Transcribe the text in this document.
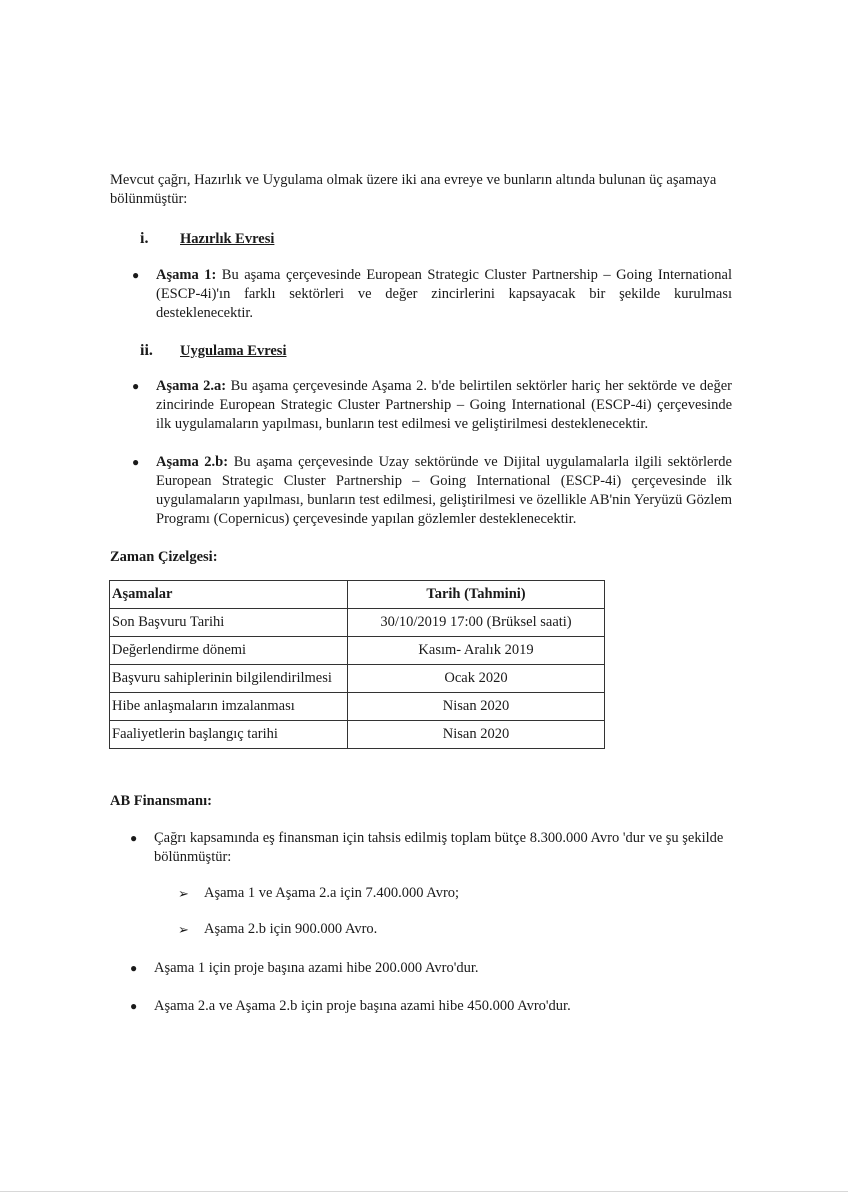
Mevcut çağrı, Hazırlık ve Uygulama olmak üzere iki ana evreye ve bunların altında bulunan üç aşamaya bölünmüştür:
i.	Hazırlık Evresi
●	Aşama 1: Bu aşama çerçevesinde European Strategic Cluster Partnership – Going International (ESCP-4i)'ın farklı sektörleri ve değer zincirlerini kapsayacak bir şekilde kurulması desteklenecektir.
ii.	Uygulama Evresi
●	Aşama 2.a: Bu aşama çerçevesinde Aşama 2. b'de belirtilen sektörler hariç her sektörde ve değer zincirinde European Strategic Cluster Partnership – Going International (ESCP-4i) çerçevesinde ilk uygulamaların yapılması, bunların test edilmesi ve geliştirilmesi desteklenecektir.
●	Aşama 2.b: Bu aşama çerçevesinde Uzay sektöründe ve Dijital uygulamalarla ilgili sektörlerde European Strategic Cluster Partnership – Going International (ESCP-4i) çerçevesinde ilk uygulamaların yapılması, bunların test edilmesi, geliştirilmesi ve özellikle AB'nin Yeryüzü Gözlem Programı (Copernicus) çerçevesinde yapılan gözlemler desteklenecektir.
Zaman Çizelgesi:
Aşamalar	Tarih (Tahmini)
Son Başvuru Tarihi	30/10/2019 17:00 (Brüksel saati)
Değerlendirme dönemi	Kasım- Aralık 2019
Başvuru sahiplerinin bilgilendirilmesi	Ocak 2020
Hibe anlaşmaların imzalanması	Nisan 2020
Faaliyetlerin başlangıç tarihi	Nisan 2020
AB Finansmanı:
●	Çağrı kapsamında eş finansman için tahsis edilmiş toplam bütçe 8.300.000 Avro 'dur ve şu şekilde bölünmüştür:
➢	Aşama 1 ve Aşama 2.a için 7.400.000 Avro;
➢	Aşama 2.b için 900.000 Avro.
●	Aşama 1 için proje başına azami hibe 200.000 Avro'dur.
●	Aşama 2.a ve Aşama 2.b için proje başına azami hibe 450.000 Avro'dur.
